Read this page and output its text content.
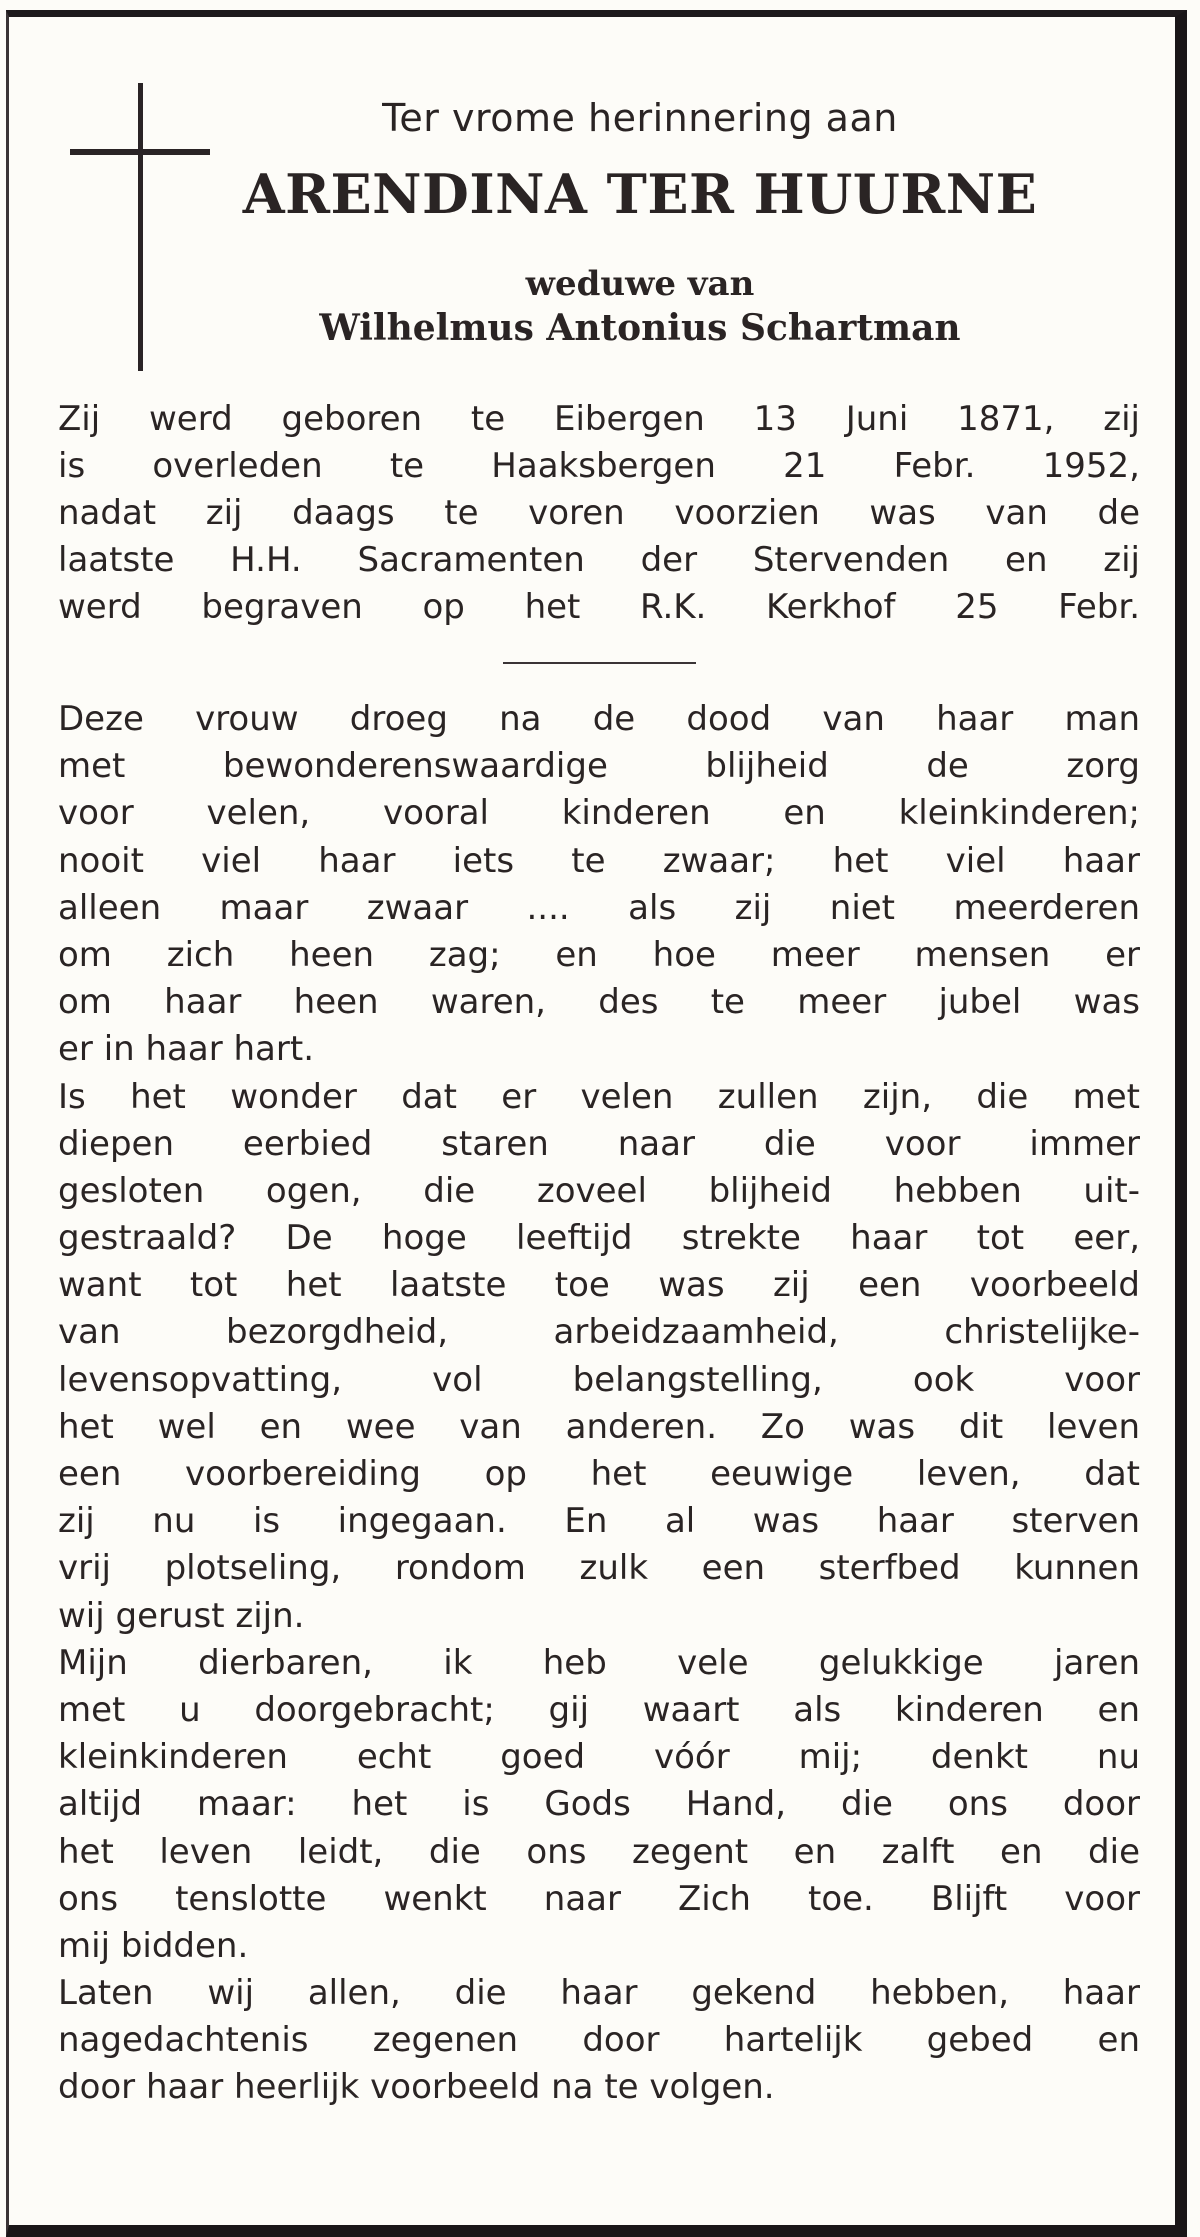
Ter vrome herinnering aan
ARENDINA TER HUURNE
weduwe van
Wilhelmus Antonius Schartman
Zij werd geboren te Eibergen 13 Juni 1871, zij
is overleden te Haaksbergen 21 Febr. 1952,
nadat zij daags te voren voorzien was van de
laatste H.H. Sacramenten der Stervenden en zij
werd begraven op het R.K. Kerkhof 25 Febr.
Deze vrouw droeg na de dood van haar man
met bewonderenswaardige blijheid de zorg
voor velen, vooral kinderen en kleinkinderen;
nooit viel haar iets te zwaar; het viel haar
alleen maar zwaar .... als zij niet meerderen
om zich heen zag; en hoe meer mensen er
om haar heen waren, des te meer jubel was
er in haar hart.
Is het wonder dat er velen zullen zijn, die met
diepen eerbied staren naar die voor immer
gesloten ogen, die zoveel blijheid hebben uit-
gestraald? De hoge leeftijd strekte haar tot eer,
want tot het laatste toe was zij een voorbeeld
van bezorgdheid, arbeidzaamheid, christelijke-
levensopvatting, vol belangstelling, ook voor
het wel en wee van anderen. Zo was dit leven
een voorbereiding op het eeuwige leven, dat
zij nu is ingegaan. En al was haar sterven
vrij plotseling, rondom zulk een sterfbed kunnen
wij gerust zijn.
Mijn dierbaren, ik heb vele gelukkige jaren
met u doorgebracht; gij waart als kinderen en
kleinkinderen echt goed vóór mij; denkt nu
altijd maar: het is Gods Hand, die ons door
het leven leidt, die ons zegent en zalft en die
ons tenslotte wenkt naar Zich toe. Blijft voor
mij bidden.
Laten wij allen, die haar gekend hebben, haar
nagedachtenis zegenen door hartelijk gebed en
door haar heerlijk voorbeeld na te volgen.
